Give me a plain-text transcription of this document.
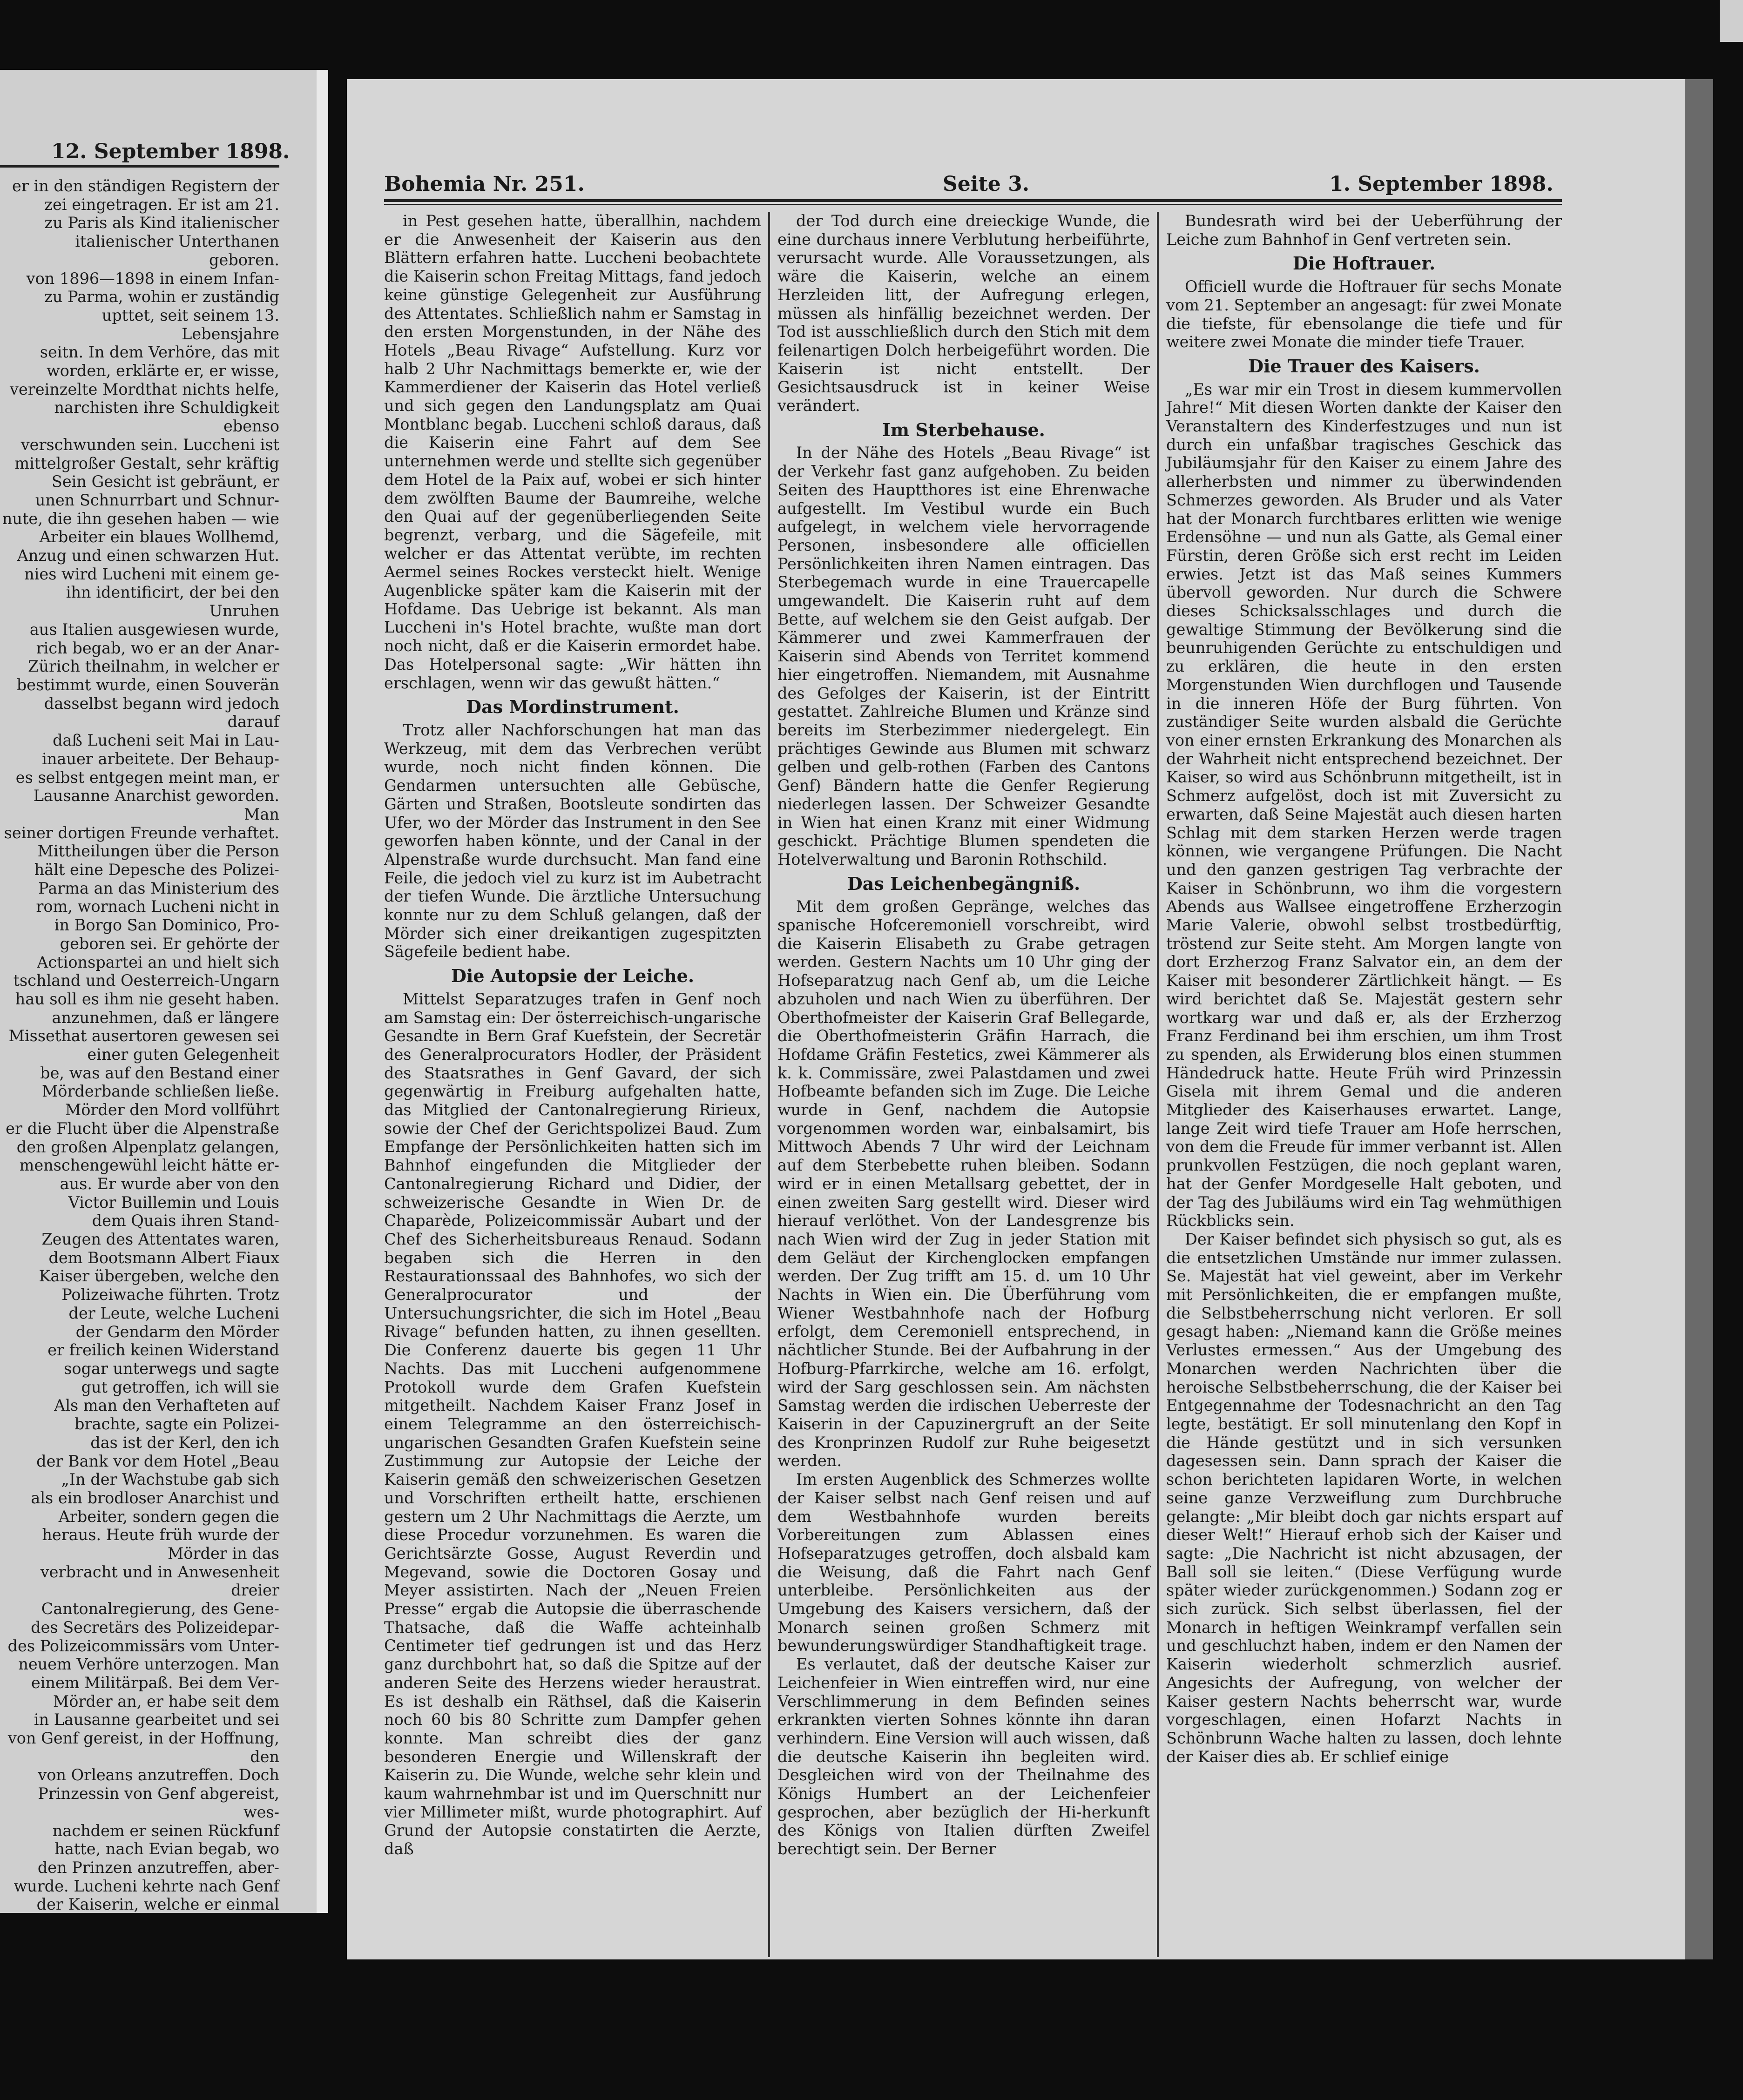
12. September 1898.
er in den ständigen Registern der
zei eingetragen. Er ist am 21.
zu Paris als Kind italienischer
italienischer Unterthanen geboren.
von 1896—1898 in einem Infan-
zu Parma, wohin er zuständig
upttet, seit seinem 13. Lebensjahre
seitn. In dem Verhöre, das mit
worden, erklärte er, er wisse,
vereinzelte Mordthat nichts helfe,
narchisten ihre Schuldigkeit ebenso
verschwunden sein. Luccheni ist
mittelgroßer Gestalt, sehr kräftig
Sein Gesicht ist gebräunt, er
unen Schnurrbart und Schnur-
nute, die ihn gesehen haben — wie
Arbeiter ein blaues Wollhemd,
Anzug und einen schwarzen Hut.
nies wird Lucheni mit einem ge-
ihn identificirt, der bei den Unruhen
aus Italien ausgewiesen wurde,
rich begab, wo er an der Anar-
Zürich theilnahm, in welcher er
bestimmt wurde, einen Souverän
dasselbst begann wird jedoch darauf
daß Lucheni seit Mai in Lau-
inauer arbeitete. Der Behaup-
es selbst entgegen meint man, er
Lausanne Anarchist geworden. Man
seiner dortigen Freunde verhaftet.
Mittheilungen über die Person
hält eine Depesche des Polizei-
Parma an das Ministerium des
rom, wornach Lucheni nicht in
in Borgo San Dominico, Pro-
geboren sei. Er gehörte der
Actionspartei an und hielt sich
tschland und Oesterreich-Ungarn
hau soll es ihm nie geseht haben.
anzunehmen, daß er längere
Missethat ausertoren gewesen sei
einer guten Gelegenheit
be, was auf den Bestand einer
Mörderbande schließen ließe.
Mörder den Mord vollführt
er die Flucht über die Alpenstraße
den großen Alpenplatz gelangen,
menschengewühl leicht hätte er-
aus. Er wurde aber von den
Victor Buillemin und Louis
dem Quais ihren Stand-
Zeugen des Attentates waren,
dem Bootsmann Albert Fiaux
Kaiser übergeben, welche den
Polizeiwache führten. Trotz
der Leute, welche Lucheni
der Gendarm den Mörder
er freilich keinen Widerstand
sogar unterwegs und sagte
gut getroffen, ich will sie
Als man den Verhafteten auf
brachte, sagte ein Polizei-
das ist der Kerl, den ich
der Bank vor dem Hotel „Beau
„In der Wachstube gab sich
als ein brodloser Anarchist und
Arbeiter, sondern gegen die
heraus. Heute früh wurde der Mörder in das
verbracht und in Anwesenheit dreier
Cantonalregierung, des Gene-
des Secretärs des Polizeidepar-
des Polizeicommissärs vom Unter-
neuem Verhöre unterzogen. Man
einem Militärpaß. Bei dem Ver-
Mörder an, er habe seit dem
in Lausanne gearbeitet und sei
von Genf gereist, in der Hoffnung, den
von Orleans anzutreffen. Doch
Prinzessin von Genf abgereist, wes-
nachdem er seinen Rückfunf
hatte, nach Evian begab, wo
den Prinzen anzutreffen, aber-
wurde. Lucheni kehrte nach Genf
der Kaiserin, welche er einmal
Bohemia Nr. 251.	Seite 3.	1. September 1898.

in Pest gesehen hatte, überallhin, nachdem er die Anwesenheit der Kaiserin aus den Blättern erfahren hatte. Luccheni beobachtete die Kaiserin schon Freitag Mittags, fand jedoch keine günstige Gelegenheit zur Ausführung des Attentates. Schließlich nahm er Samstag in den ersten Morgenstunden, in der Nähe des Hotels „Beau Rivage“ Aufstellung. Kurz vor halb 2 Uhr Nachmittags bemerkte er, wie der Kammerdiener der Kaiserin das Hotel verließ und sich gegen den Landungsplatz am Quai Montblanc begab. Luccheni schloß daraus, daß die Kaiserin eine Fahrt auf dem See unternehmen werde und stellte sich gegenüber dem Hotel de la Paix auf, wobei er sich hinter dem zwölften Baume der Baumreihe, welche den Quai auf der gegenüberliegenden Seite begrenzt, verbarg, und die Sägefeile, mit welcher er das Attentat verübte, im rechten Aermel seines Rockes versteckt hielt. Wenige Augenblicke später kam die Kaiserin mit der Hofdame. Das Uebrige ist bekannt. Als man Luccheni in's Hotel brachte, wußte man dort noch nicht, daß er die Kaiserin ermordet habe. Das Hotelpersonal sagte: „Wir hätten ihn erschlagen, wenn wir das gewußt hätten.“

Das Mordinstrument.

Trotz aller Nachforschungen hat man das Werkzeug, mit dem das Verbrechen verübt wurde, noch nicht finden können. Die Gendarmen untersuchten alle Gebüsche, Gärten und Straßen, Bootsleute sondirten das Ufer, wo der Mörder das Instrument in den See geworfen haben könnte, und der Canal in der Alpenstraße wurde durchsucht. Man fand eine Feile, die jedoch viel zu kurz ist im Aubetracht der tiefen Wunde. Die ärztliche Untersuchung konnte nur zu dem Schluß gelangen, daß der Mörder sich einer dreikantigen zugespitzten Sägefeile bedient habe.

Die Autopsie der Leiche.

Mittelst Separatzuges trafen in Genf noch am Samstag ein: Der österreichisch-ungarische Gesandte in Bern Graf Kuefstein, der Secretär des Generalprocurators Hodler, der Präsident des Staatsrathes in Genf Gavard, der sich gegenwärtig in Freiburg aufgehalten hatte, das Mitglied der Cantonalregierung Ririeux, sowie der Chef der Gerichtspolizei Baud. Zum Empfange der Persönlichkeiten hatten sich im Bahnhof eingefunden die Mitglieder der Cantonalregierung Richard und Didier, der schweizerische Gesandte in Wien Dr. de Chaparède, Polizeicommissär Aubart und der Chef des Sicherheitsbureaus Renaud. Sodann begaben sich die Herren in den Restaurationssaal des Bahnhofes, wo sich der Generalprocurator und der Untersuchungsrichter, die sich im Hotel „Beau Rivage“ befunden hatten, zu ihnen gesellten. Die Conferenz dauerte bis gegen 11 Uhr Nachts. Das mit Luccheni aufgenommene Protokoll wurde dem Grafen Kuefstein mitgetheilt. Nachdem Kaiser Franz Josef in einem Telegramme an den österreichisch-ungarischen Gesandten Grafen Kuefstein seine Zustimmung zur Autopsie der Leiche der Kaiserin gemäß den schweizerischen Gesetzen und Vorschriften ertheilt hatte, erschienen gestern um 2 Uhr Nachmittags die Aerzte, um diese Procedur vorzunehmen. Es waren die Gerichtsärzte Gosse, August Reverdin und Megevand, sowie die Doctoren Gosay und Meyer assistirten. Nach der „Neuen Freien Presse“ ergab die Autopsie die überraschende Thatsache, daß die Waffe achteinhalb Centimeter tief gedrungen ist und das Herz ganz durchbohrt hat, so daß die Spitze auf der anderen Seite des Herzens wieder heraustrat. Es ist deshalb ein Räthsel, daß die Kaiserin noch 60 bis 80 Schritte zum Dampfer gehen konnte. Man schreibt dies der ganz besonderen Energie und Willenskraft der Kaiserin zu. Die Wunde, welche sehr klein und kaum wahrnehmbar ist und im Querschnitt nur vier Millimeter mißt, wurde photographirt. Auf Grund der Autopsie constatirten die Aerzte, daß

der Tod durch eine dreieckige Wunde, die eine durchaus innere Verblutung herbeiführte, verursacht wurde. Alle Voraussetzungen, als wäre die Kaiserin, welche an einem Herzleiden litt, der Aufregung erlegen, müssen als hinfällig bezeichnet werden. Der Tod ist ausschließlich durch den Stich mit dem feilenartigen Dolch herbeigeführt worden. Die Kaiserin ist nicht entstellt. Der Gesichtsausdruck ist in keiner Weise verändert.

Im Sterbehause.

In der Nähe des Hotels „Beau Rivage“ ist der Verkehr fast ganz aufgehoben. Zu beiden Seiten des Hauptthores ist eine Ehrenwache aufgestellt. Im Vestibul wurde ein Buch aufgelegt, in welchem viele hervorragende Personen, insbesondere alle officiellen Persönlichkeiten ihren Namen eintragen. Das Sterbegemach wurde in eine Trauercapelle umgewandelt. Die Kaiserin ruht auf dem Bette, auf welchem sie den Geist aufgab. Der Kämmerer und zwei Kammerfrauen der Kaiserin sind Abends von Territet kommend hier eingetroffen. Niemandem, mit Ausnahme des Gefolges der Kaiserin, ist der Eintritt gestattet. Zahlreiche Blumen und Kränze sind bereits im Sterbezimmer niedergelegt. Ein prächtiges Gewinde aus Blumen mit schwarz gelben und gelb-rothen (Farben des Cantons Genf) Bändern hatte die Genfer Regierung niederlegen lassen. Der Schweizer Gesandte in Wien hat einen Kranz mit einer Widmung geschickt. Prächtige Blumen spendeten die Hotelverwaltung und Baronin Rothschild.

Das Leichenbegängniß.

Mit dem großen Gepränge, welches das spanische Hofceremoniell vorschreibt, wird die Kaiserin Elisabeth zu Grabe getragen werden. Gestern Nachts um 10 Uhr ging der Hofseparatzug nach Genf ab, um die Leiche abzuholen und nach Wien zu überführen. Der Oberthofmeister der Kaiserin Graf Bellegarde, die Oberthofmeisterin Gräfin Harrach, die Hofdame Gräfin Festetics, zwei Kämmerer als k. k. Commissäre, zwei Palastdamen und zwei Hofbeamte befanden sich im Zuge. Die Leiche wurde in Genf, nachdem die Autopsie vorgenommen worden war, einbalsamirt, bis Mittwoch Abends 7 Uhr wird der Leichnam auf dem Sterbebette ruhen bleiben. Sodann wird er in einen Metallsarg gebettet, der in einen zweiten Sarg gestellt wird. Dieser wird hierauf verlöthet. Von der Landesgrenze bis nach Wien wird der Zug in jeder Station mit dem Geläut der Kirchenglocken empfangen werden. Der Zug trifft am 15. d. um 10 Uhr Nachts in Wien ein. Die Überführung vom Wiener Westbahnhofe nach der Hofburg erfolgt, dem Ceremoniell entsprechend, in nächtlicher Stunde. Bei der Aufbahrung in der Hofburg-Pfarrkirche, welche am 16. erfolgt, wird der Sarg geschlossen sein. Am nächsten Samstag werden die irdischen Ueberreste der Kaiserin in der Capuzinergruft an der Seite des Kronprinzen Rudolf zur Ruhe beigesetzt werden.

Im ersten Augenblick des Schmerzes wollte der Kaiser selbst nach Genf reisen und auf dem Westbahnhofe wurden bereits Vorbereitungen zum Ablassen eines Hofseparatzuges getroffen, doch alsbald kam die Weisung, daß die Fahrt nach Genf unterbleibe. Persönlichkeiten aus der Umgebung des Kaisers versichern, daß der Monarch seinen großen Schmerz mit bewunderungswürdiger Standhaftigkeit trage.

Es verlautet, daß der deutsche Kaiser zur Leichenfeier in Wien eintreffen wird, nur eine Verschlimmerung in dem Befinden seines erkrankten vierten Sohnes könnte ihn daran verhindern. Eine Version will auch wissen, daß die deutsche Kaiserin ihn begleiten wird. Desgleichen wird von der Theilnahme des Königs Humbert an der Leichenfeier gesprochen, aber bezüglich der Hi-herkunft des Königs von Italien dürften Zweifel berechtigt sein. Der Berner

Bundesrath wird bei der Ueberführung der Leiche zum Bahnhof in Genf vertreten sein.

Die Hoftrauer.

Officiell wurde die Hoftrauer für sechs Monate vom 21. September an angesagt: für zwei Monate die tiefste, für ebensolange die tiefe und für weitere zwei Monate die minder tiefe Trauer.

Die Trauer des Kaisers.

„Es war mir ein Trost in diesem kummervollen Jahre!“ Mit diesen Worten dankte der Kaiser den Veranstaltern des Kinderfestzuges und nun ist durch ein unfaßbar tragisches Geschick das Jubiläumsjahr für den Kaiser zu einem Jahre des allerherbsten und nimmer zu überwindenden Schmerzes geworden. Als Bruder und als Vater hat der Monarch furchtbares erlitten wie wenige Erdensöhne — und nun als Gatte, als Gemal einer Fürstin, deren Größe sich erst recht im Leiden erwies. Jetzt ist das Maß seines Kummers übervoll geworden. Nur durch die Schwere dieses Schicksalsschlages und durch die gewaltige Stimmung der Bevölkerung sind die beunruhigenden Gerüchte zu entschuldigen und zu erklären, die heute in den ersten Morgenstunden Wien durchflogen und Tausende in die inneren Höfe der Burg führten. Von zuständiger Seite wurden alsbald die Gerüchte von einer ernsten Erkrankung des Monarchen als der Wahrheit nicht entsprechend bezeichnet. Der Kaiser, so wird aus Schönbrunn mitgetheilt, ist in Schmerz aufgelöst, doch ist mit Zuversicht zu erwarten, daß Seine Majestät auch diesen harten Schlag mit dem starken Herzen werde tragen können, wie vergangene Prüfungen. Die Nacht und den ganzen gestrigen Tag verbrachte der Kaiser in Schönbrunn, wo ihm die vorgestern Abends aus Wallsee eingetroffene Erzherzogin Marie Valerie, obwohl selbst trostbedürftig, tröstend zur Seite steht. Am Morgen langte von dort Erzherzog Franz Salvator ein, an dem der Kaiser mit besonderer Zärtlichkeit hängt. — Es wird berichtet daß Se. Majestät gestern sehr wortkarg war und daß er, als der Erzherzog Franz Ferdinand bei ihm erschien, um ihm Trost zu spenden, als Erwiderung blos einen stummen Händedruck hatte. Heute Früh wird Prinzessin Gisela mit ihrem Gemal und die anderen Mitglieder des Kaiserhauses erwartet. Lange, lange Zeit wird tiefe Trauer am Hofe herrschen, von dem die Freude für immer verbannt ist. Allen prunkvollen Festzügen, die noch geplant waren, hat der Genfer Mordgeselle Halt geboten, und der Tag des Jubiläums wird ein Tag wehmüthigen Rückblicks sein.

Der Kaiser befindet sich physisch so gut, als es die entsetzlichen Umstände nur immer zulassen. Se. Majestät hat viel geweint, aber im Verkehr mit Persönlichkeiten, die er empfangen mußte, die Selbstbeherrschung nicht verloren. Er soll gesagt haben: „Niemand kann die Größe meines Verlustes ermessen.“ Aus der Umgebung des Monarchen werden Nachrichten über die heroische Selbstbeherrschung, die der Kaiser bei Entgegennahme der Todesnachricht an den Tag legte, bestätigt. Er soll minutenlang den Kopf in die Hände gestützt und in sich versunken dagesessen sein. Dann sprach der Kaiser die schon berichteten lapidaren Worte, in welchen seine ganze Verzweiflung zum Durchbruche gelangte: „Mir bleibt doch gar nichts erspart auf dieser Welt!“ Hierauf erhob sich der Kaiser und sagte: „Die Nachricht ist nicht abzusagen, der Ball soll sie leiten.“ (Diese Verfügung wurde später wieder zurückgenommen.) Sodann zog er sich zurück. Sich selbst überlassen, fiel der Monarch in heftigen Weinkrampf verfallen sein und geschluchzt haben, indem er den Namen der Kaiserin wiederholt schmerzlich ausrief. Angesichts der Aufregung, von welcher der Kaiser gestern Nachts beherrscht war, wurde vorgeschlagen, einen Hofarzt Nachts in Schönbrunn Wache halten zu lassen, doch lehnte der Kaiser dies ab. Er schlief einige
